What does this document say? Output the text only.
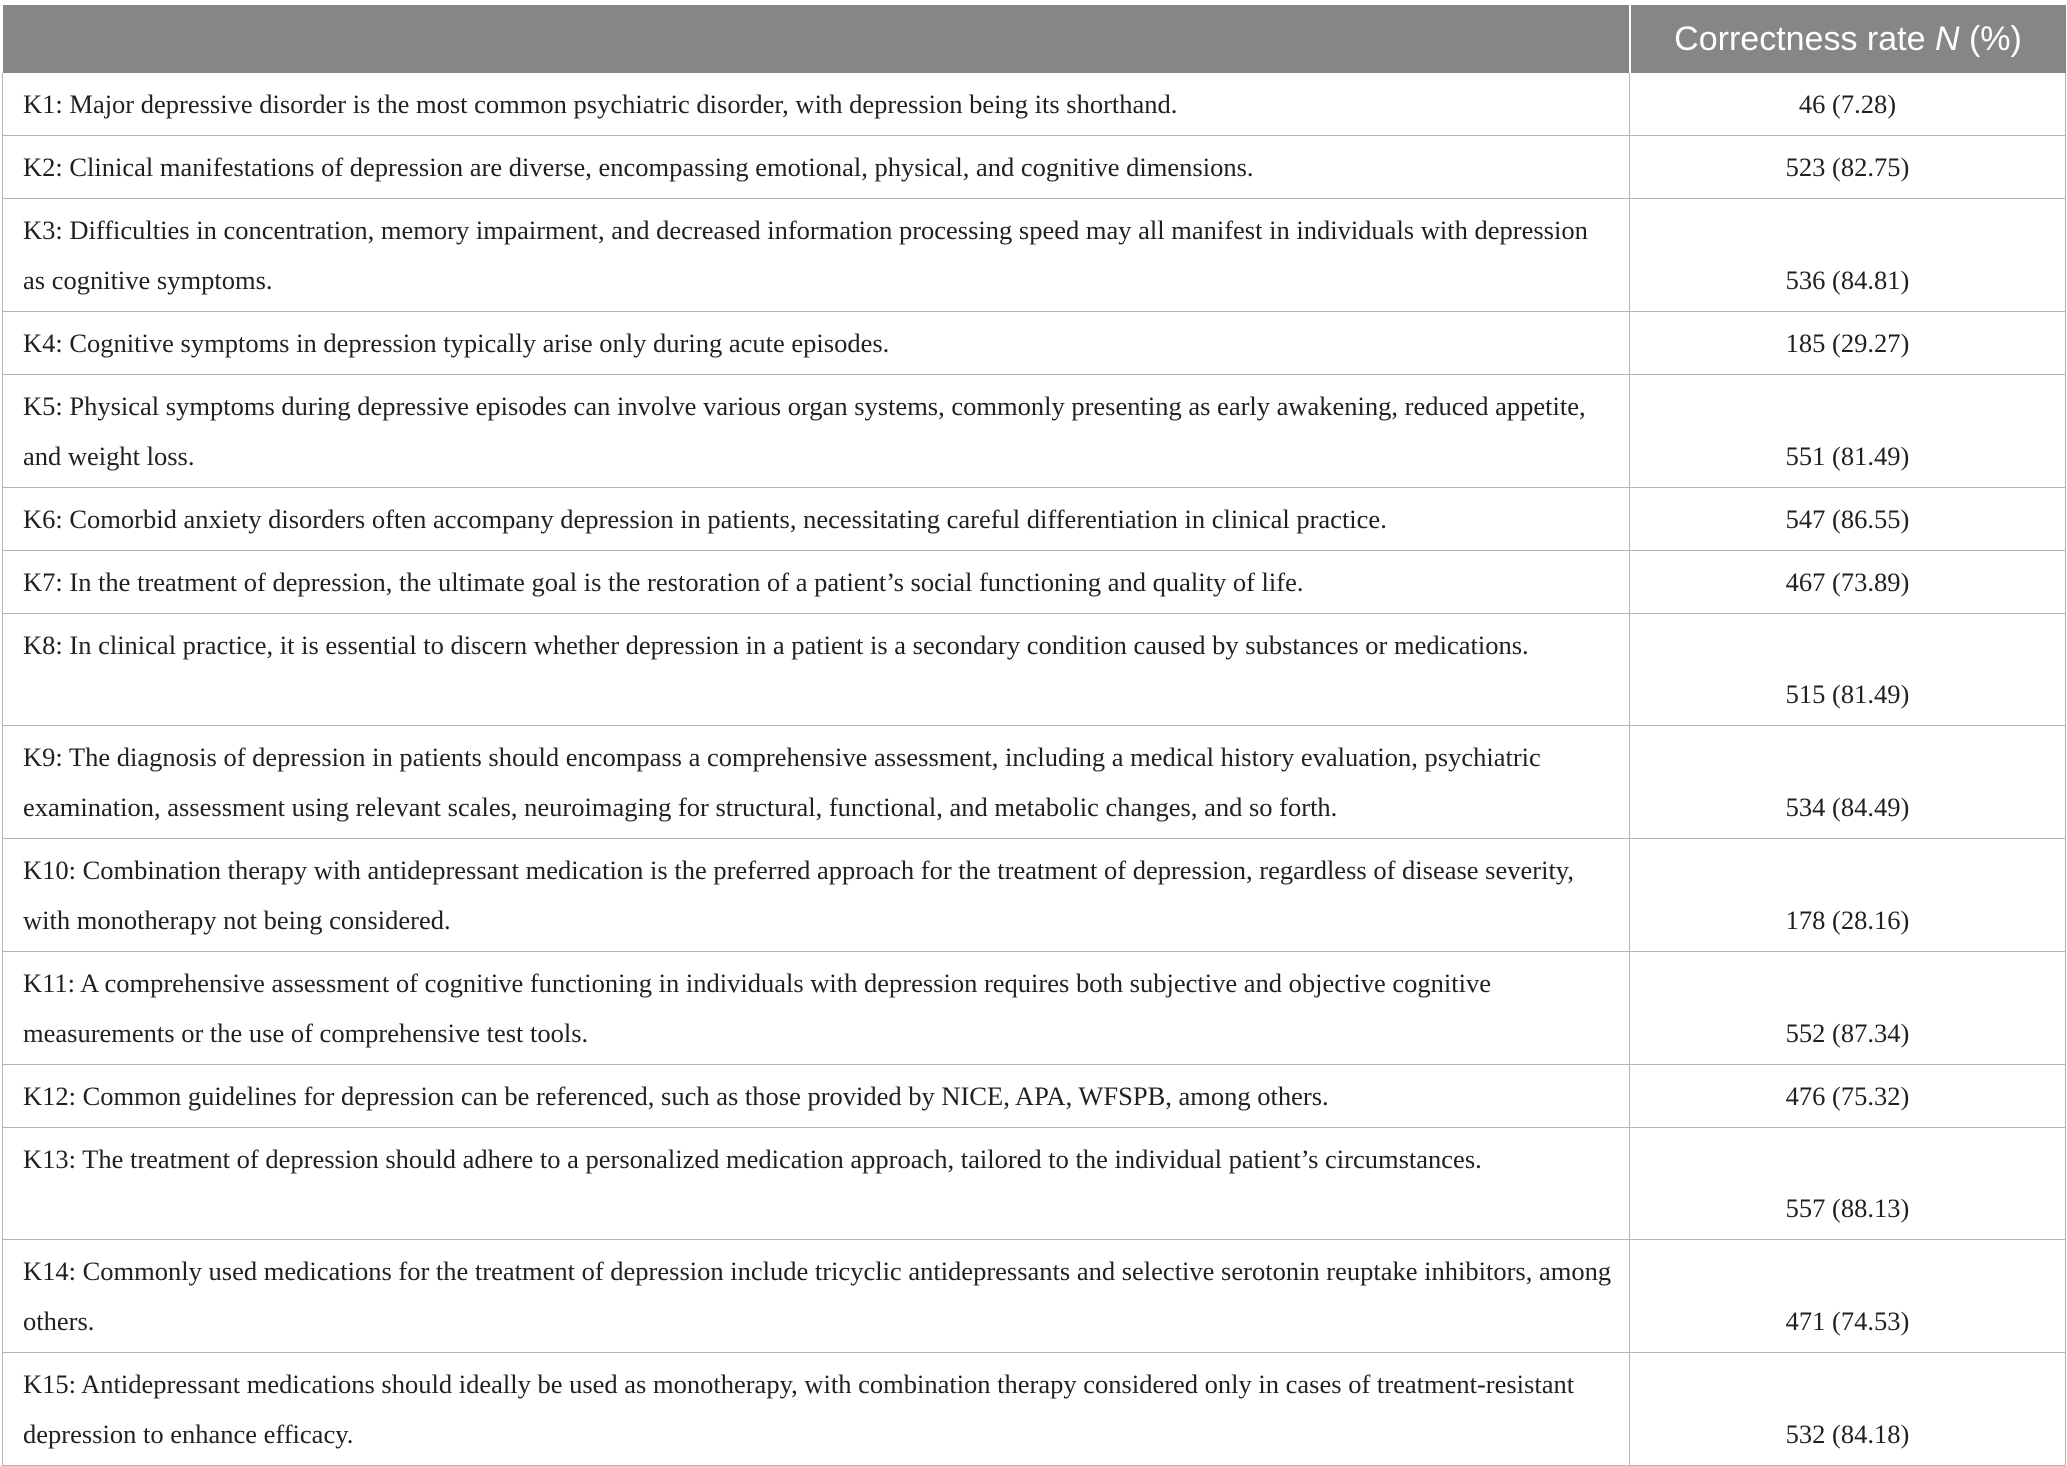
	Correctness rate N (%)
K1: Major depressive disorder is the most common psychiatric disorder, with depression being its shorthand.	46 (7.28)
K2: Clinical manifestations of depression are diverse, encompassing emotional, physical, and cognitive dimensions.	523 (82.75)
K3: Difficulties in concentration, memory impairment, and decreased information processing speed may all manifest in individuals with depression as cognitive symptoms.	536 (84.81)
K4: Cognitive symptoms in depression typically arise only during acute episodes.	185 (29.27)
K5: Physical symptoms during depressive episodes can involve various organ systems, commonly presenting as early awakening, reduced appetite, and weight loss.	551 (81.49)
K6: Comorbid anxiety disorders often accompany depression in patients, necessitating careful differentiation in clinical practice.	547 (86.55)
K7: In the treatment of depression, the ultimate goal is the restoration of a patient’s social functioning and quality of life.	467 (73.89)
K8: In clinical practice, it is essential to discern whether depression in a patient is a secondary condition caused by substances or medications.	515 (81.49)
K9: The diagnosis of depression in patients should encompass a comprehensive assessment, including a medical history evaluation, psychiatric examination, assessment using relevant scales, neuroimaging for structural, functional, and metabolic changes, and so forth.	534 (84.49)
K10: Combination therapy with antidepressant medication is the preferred approach for the treatment of depression, regardless of disease severity, with monotherapy not being considered.	178 (28.16)
K11: A comprehensive assessment of cognitive functioning in individuals with depression requires both subjective and objective cognitive measurements or the use of comprehensive test tools.	552 (87.34)
K12: Common guidelines for depression can be referenced, such as those provided by NICE, APA, WFSPB, among others.	476 (75.32)
K13: The treatment of depression should adhere to a personalized medication approach, tailored to the individual patient’s circumstances.	557 (88.13)
K14: Commonly used medications for the treatment of depression include tricyclic antidepressants and selective serotonin reuptake inhibitors, among others.	471 (74.53)
K15: Antidepressant medications should ideally be used as monotherapy, with combination therapy considered only in cases of treatment-resistant depression to enhance efficacy.	532 (84.18)
